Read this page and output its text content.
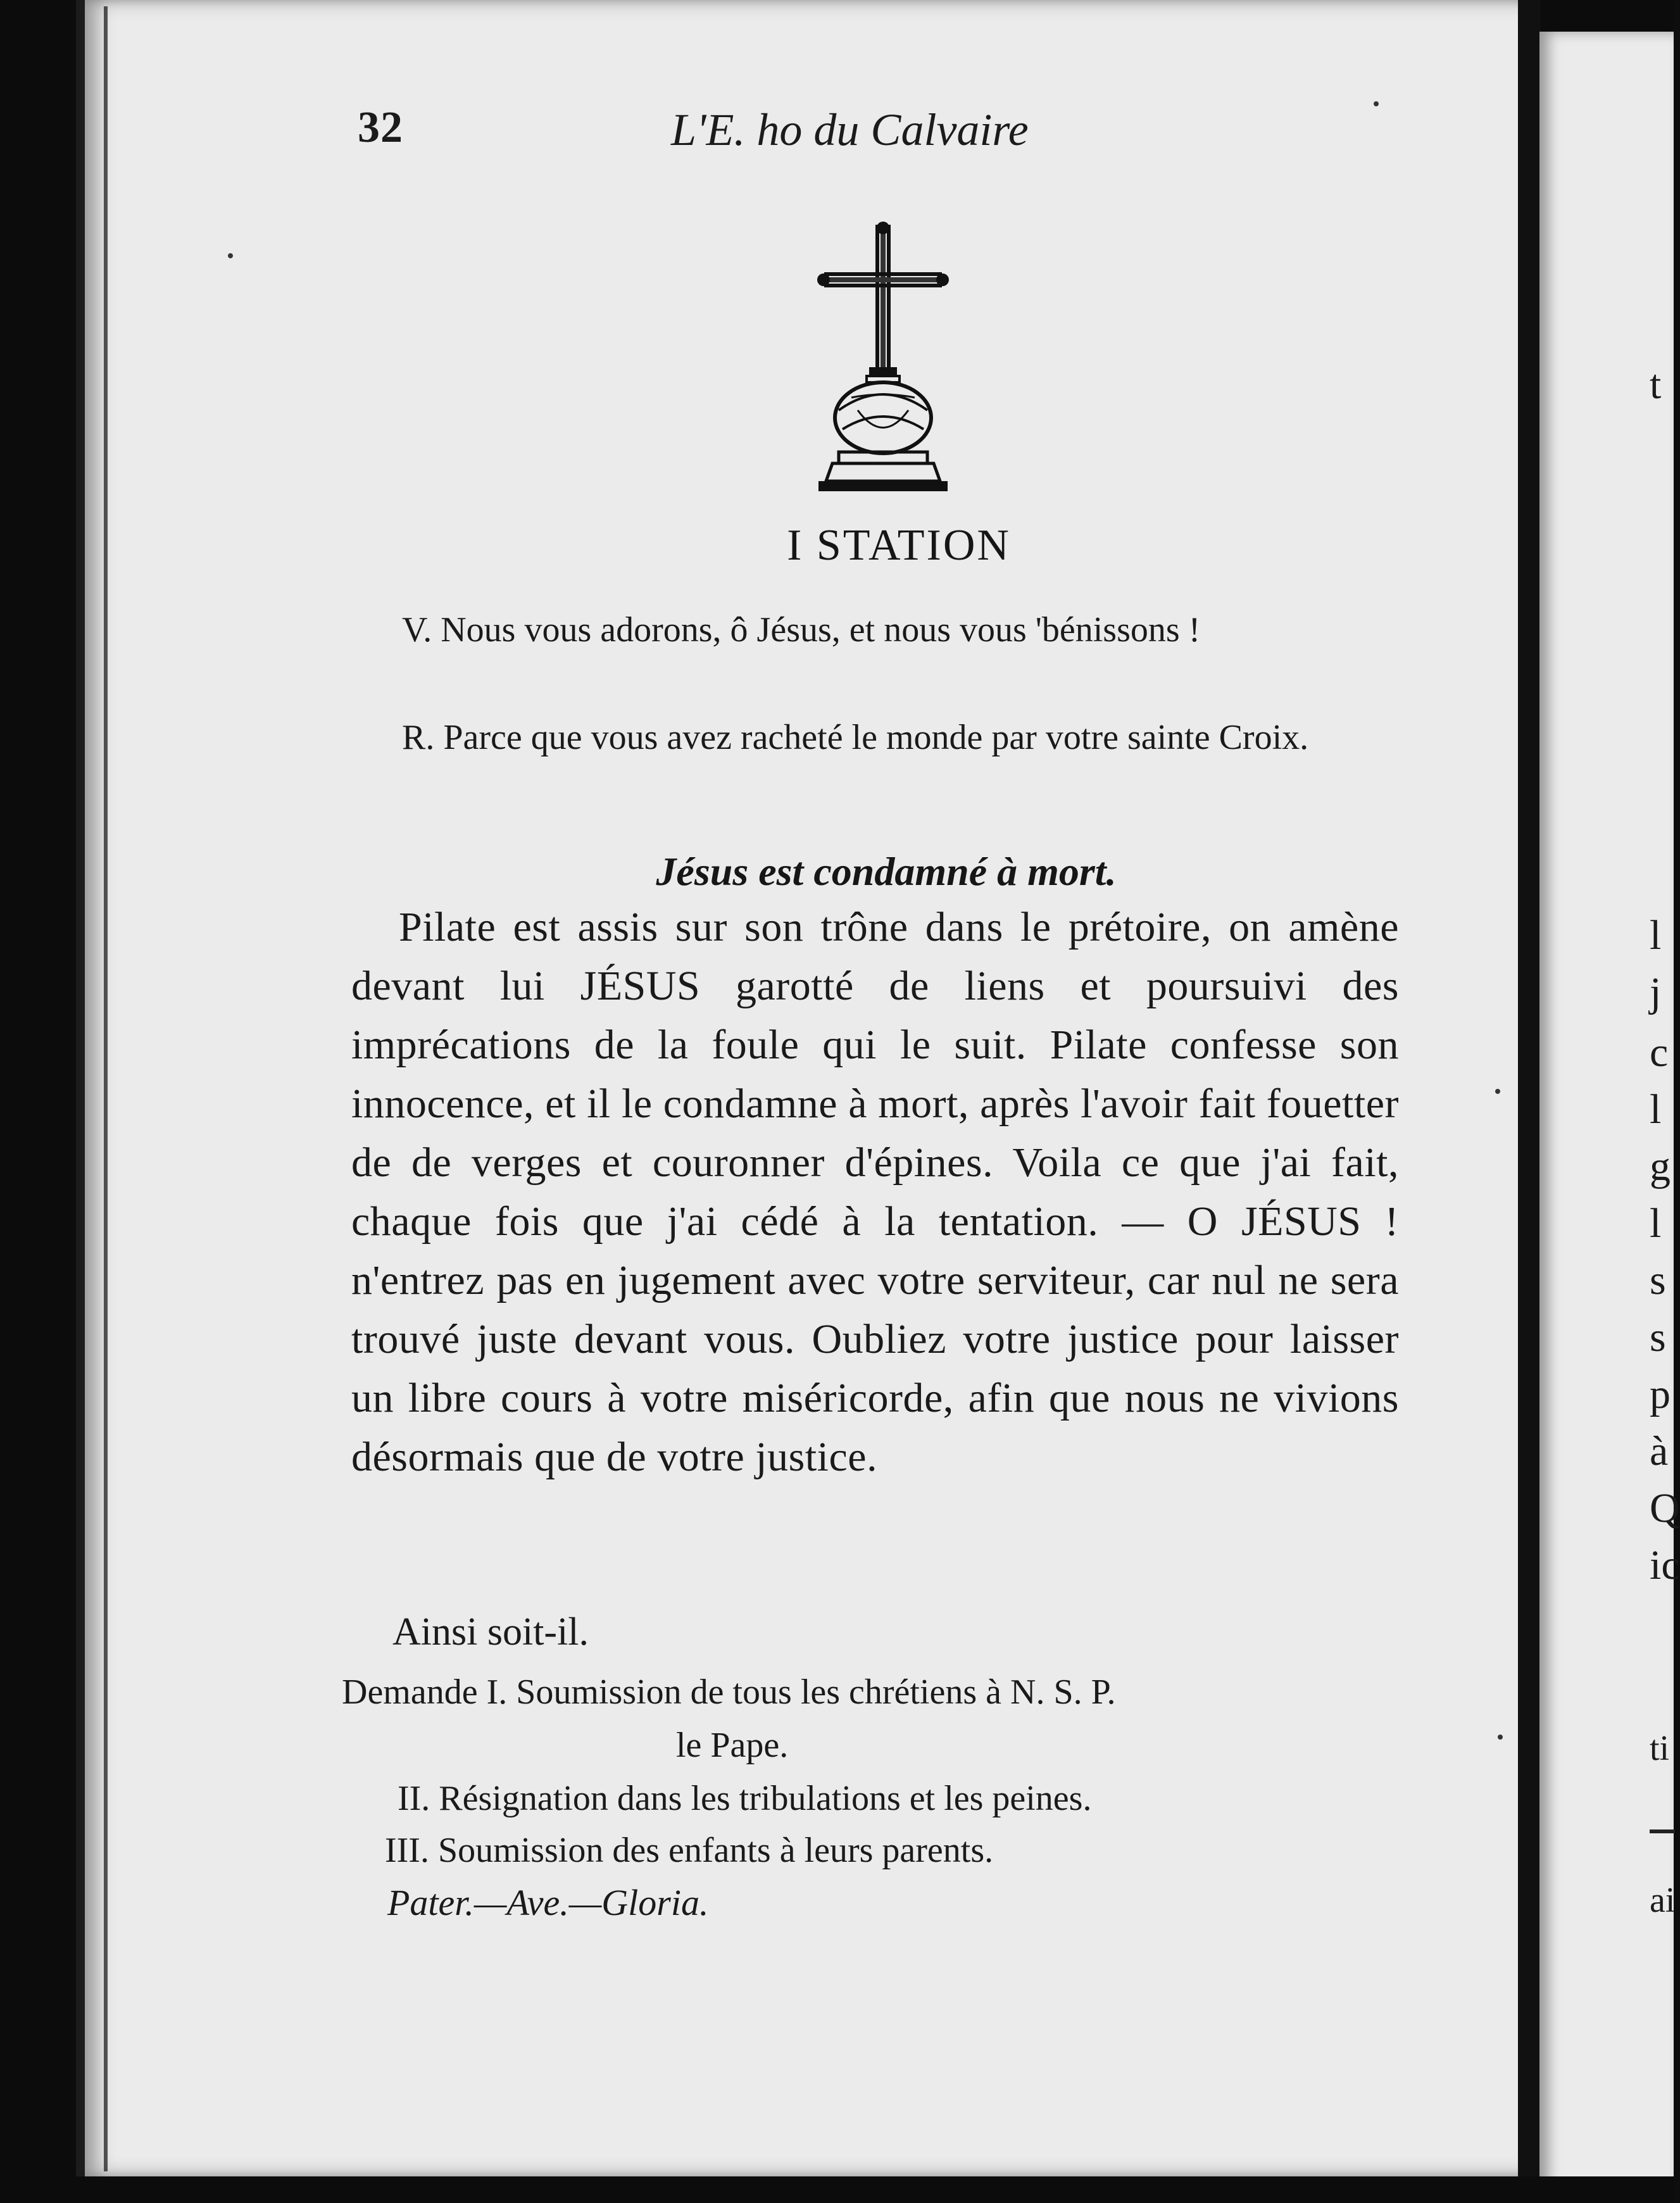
t
l
j
c
l
g
l
s
s
p
à
Q
ic
ti
ai
32	L'E. ho du Calvaire
I STATION
V. Nous vous adorons, ô Jésus, et nous vous 'bénissons !
R. Parce que vous avez racheté le monde par votre sainte Croix.
Jésus est condamné à mort.
Pilate est assis sur son trône dans le prétoire, on amène devant lui JÉSUS garotté de liens et poursuivi des imprécations de la foule qui le suit. Pilate confesse son innocence, et il le condamne à mort, après l'avoir fait fouetter de de verges et couronner d'épines. Voila ce que j'ai fait, chaque fois que j'ai cédé à la tentation. — O JÉSUS ! n'entrez pas en jugement avec votre serviteur, car nul ne sera trouvé juste devant vous. Oubliez votre justice pour laisser un libre cours à votre miséricorde, afin que nous ne vivions désormais que de votre justice.
Ainsi soit-il.
Demande I. Soumission de tous les chrétiens à N. S. P.
le Pape.
II. Résignation dans les tribulations et les peines.
III. Soumission des enfants à leurs parents.
Pater.—Ave.—Gloria.
